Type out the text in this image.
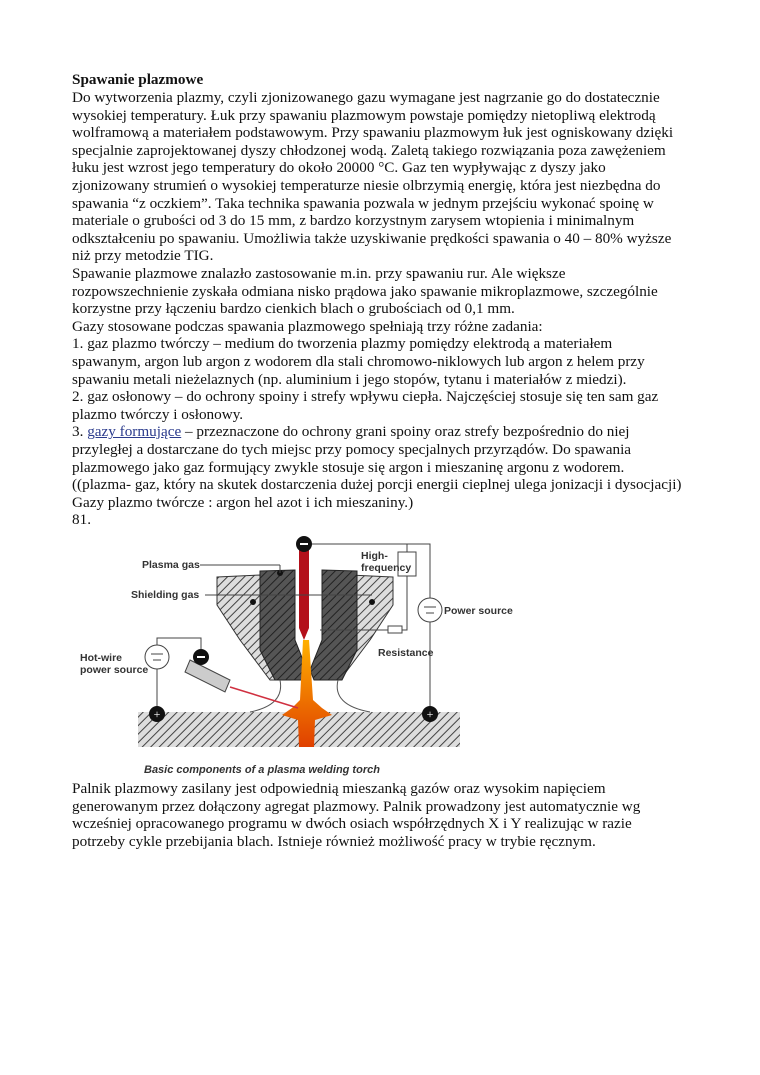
Spawanie plazmowe
Do wytworzenia plazmy, czyli zjonizowanego gazu wymagane jest nagrzanie go do dostatecznie
wysokiej temperatury. Łuk przy spawaniu plazmowym powstaje pomiędzy nietopliwą elektrodą
wolframową a materiałem podstawowym. Przy spawaniu plazmowym łuk jest ogniskowany dzięki
specjalnie zaprojektowanej dyszy chłodzonej wodą. Zaletą takiego rozwiązania poza zawężeniem
łuku jest wzrost jego temperatury do około 20000 °C. Gaz ten wypływając z dyszy jako
zjonizowany strumień o wysokiej temperaturze niesie olbrzymią energię, która jest niezbędna do
spawania “z oczkiem”. Taka technika spawania pozwala w jednym przejściu wykonać spoinę w
materiale o grubości od 3 do 15 mm, z bardzo korzystnym zarysem wtopienia i minimalnym
odkształceniu po spawaniu. Umożliwia także uzyskiwanie prędkości spawania o 40 – 80% wyższe
niż przy metodzie TIG.
Spawanie plazmowe znalazło zastosowanie m.in. przy spawaniu rur. Ale większe
rozpowszechnienie zyskała odmiana nisko prądowa jako spawanie mikroplazmowe, szczególnie
korzystne przy łączeniu bardzo cienkich blach o grubościach od 0,1 mm.
Gazy stosowane podczas spawania plazmowego spełniają trzy różne zadania:
1. gaz plazmo twórczy – medium do tworzenia plazmy pomiędzy elektrodą a materiałem
spawanym, argon lub argon z wodorem dla stali chromowo-niklowych lub argon z helem przy
spawaniu metali nieżelaznych (np. aluminium i jego stopów, tytanu i materiałów z miedzi).
2. gaz osłonowy – do ochrony spoiny i strefy wpływu ciepła. Najczęściej stosuje się ten sam gaz
plazmo twórczy i osłonowy.
3. gazy formujące – przeznaczone do ochrony grani spoiny oraz strefy bezpośrednio do niej
przyległej a dostarczane do tych miejsc przy pomocy specjalnych przyrządów. Do spawania
plazmowego jako gaz formujący zwykle stosuje się argon i mieszaninę argonu z wodorem.
((plazma- gaz, który na skutek dostarczenia dużej porcji energii cieplnej ulega jonizacji i dysocjacji)
Gazy plazmo twórcze : argon hel azot i ich mieszaniny.)
81.
+	+
Plasma gas
Shielding gas
High-
frequency
Power source
Resistance
Hot-wire
power source
Basic components of a plasma welding torch
Palnik plazmowy zasilany jest odpowiednią mieszanką gazów oraz wysokim napięciem
generowanym przez dołączony agregat plazmowy. Palnik prowadzony jest automatycznie wg
wcześniej opracowanego programu w dwóch osiach współrzędnych X i Y realizując w razie
potrzeby cykle przebijania blach. Istnieje również możliwość pracy w trybie ręcznym.
